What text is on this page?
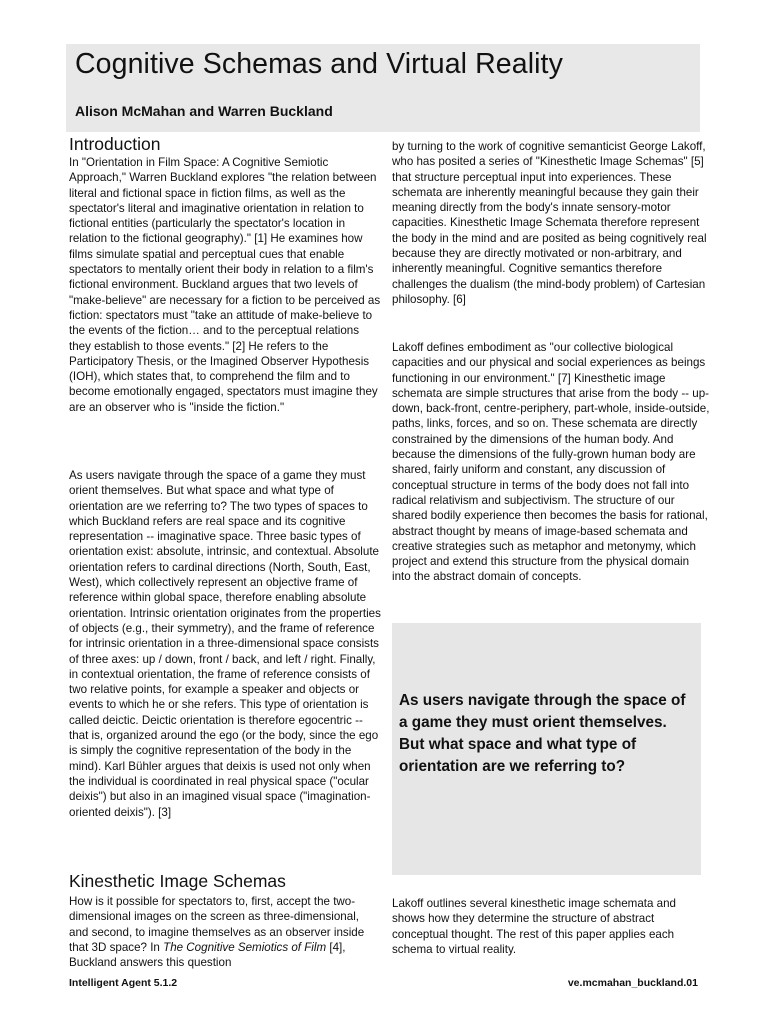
Cognitive Schemas and Virtual Reality

Alison McMahan and Warren Buckland

Introduction

In "Orientation in Film Space: A Cognitive Semiotic Approach," Warren Buckland explores "the relation between literal and fictional space in fiction films, as well as the spectator's literal and imaginative orientation in relation to fictional entities (particularly the spectator's location in relation to the fictional geography)." [1] He examines how films simulate spatial and perceptual cues that enable spectators to mentally orient their body in relation to a film's fictional environment. Buckland argues that two levels of "make-believe" are necessary for a fiction to be perceived as fiction: spectators must "take an attitude of make-believe to the events of the fiction… and to the perceptual relations they establish to those events." [2] He refers to the Participatory Thesis, or the Imagined Observer Hypothesis (IOH), which states that, to comprehend the film and to become emotionally engaged, spectators must imagine they are an observer who is "inside the fiction."

As users navigate through the space of a game they must orient themselves. But what space and what type of orientation are we referring to? The two types of spaces to which Buckland refers are real space and its cognitive representation -- imaginative space. Three basic types of orientation exist: absolute, intrinsic, and contextual. Absolute orientation refers to cardinal directions (North, South, East, West), which collectively represent an objective frame of reference within global space, therefore enabling absolute orientation. Intrinsic orientation originates from the properties of objects (e.g., their symmetry), and the frame of reference for intrinsic orientation in a three-dimensional space consists of three axes: up / down, front / back, and left / right. Finally, in contextual orientation, the frame of reference consists of two relative points, for example a speaker and objects or events to which he or she refers. This type of orientation is called deictic. Deictic orientation is therefore egocentric -- that is, organized around the ego (or the body, since the ego is simply the cognitive representation of the body in the mind). Karl Bühler argues that deixis is used not only when the individual is coordinated in real physical space ("ocular deixis") but also in an imagined visual space ("imagination-oriented deixis"). [3]

Kinesthetic Image Schemas

How is it possible for spectators to, first, accept the two-dimensional images on the screen as three-dimensional, and second, to imagine themselves as an observer inside that 3D space? In The Cognitive Semiotics of Film [4], Buckland answers this question

by turning to the work of cognitive semanticist George Lakoff, who has posited a series of "Kinesthetic Image Schemas" [5] that structure perceptual input into experiences. These schemata are inherently meaningful because they gain their meaning directly from the body's innate sensory-motor capacities. Kinesthetic Image Schemata therefore represent the body in the mind and are posited as being cognitively real because they are directly motivated or non-arbitrary, and inherently meaningful. Cognitive semantics therefore challenges the dualism (the mind-body problem) of Cartesian philosophy. [6]

Lakoff defines embodiment as "our collective biological capacities and our physical and social experiences as beings functioning in our environment." [7] Kinesthetic image schemata are simple structures that arise from the body -- up-down, back-front, centre-periphery, part-whole, inside-outside, paths, links, forces, and so on. These schemata are directly constrained by the dimensions of the human body. And because the dimensions of the fully-grown human body are shared, fairly uniform and constant, any discussion of conceptual structure in terms of the body does not fall into radical relativism and subjectivism. The structure of our shared bodily experience then becomes the basis for rational, abstract thought by means of image-based schemata and creative strategies such as metaphor and metonymy, which project and extend this structure from the physical domain into the abstract domain of concepts.

As users navigate through the space of a game they must orient themselves. But what space and what type of orientation are we referring to?

Lakoff outlines several kinesthetic image schemata and shows how they determine the structure of abstract conceptual thought. The rest of this paper applies each schema to virtual reality.

Intelligent Agent 5.1.2	ve.mcmahan_buckland.01
